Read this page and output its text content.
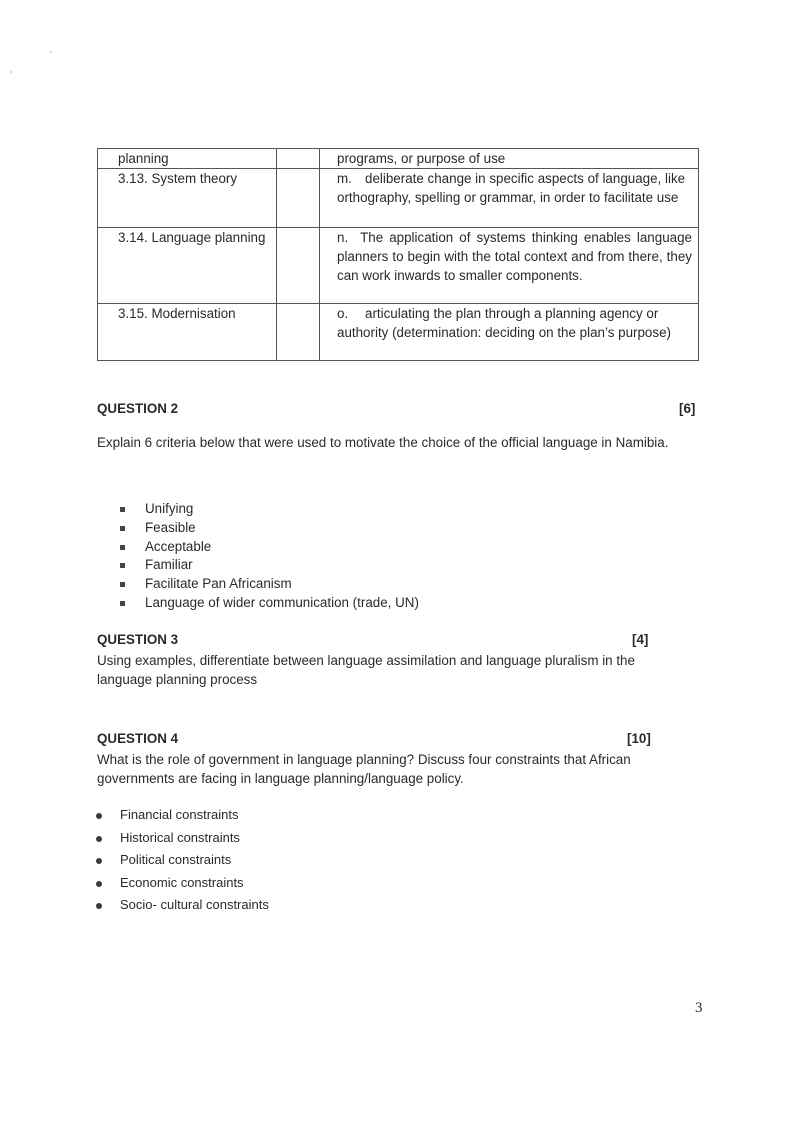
planning		programs, or purpose of use
3.13. System theory		m. deliberate change in specific aspects of language, like orthography, spelling or grammar, in order to facilitate use
3.14. Language planning		n. The application of systems thinking enables language planners to begin with the total context and from there, they can work inwards to smaller components.
3.15. Modernisation		o. articulating the plan through a planning agency or authority (determination: deciding on the plan’s purpose)
QUESTION 2	[6]
Explain 6 criteria below that were used to motivate the choice of the official language in Namibia.
Unifying
Feasible
Acceptable
Familiar
Facilitate Pan Africanism
Language of wider communication (trade, UN)
QUESTION 3	[4]
Using examples, differentiate between language assimilation and language pluralism in the language planning process
QUESTION 4	[10]
What is the role of government in language planning? Discuss four constraints that African governments are facing in language planning/language policy.
Financial constraints
Historical constraints
Political constraints
Economic constraints
Socio- cultural constraints
3
